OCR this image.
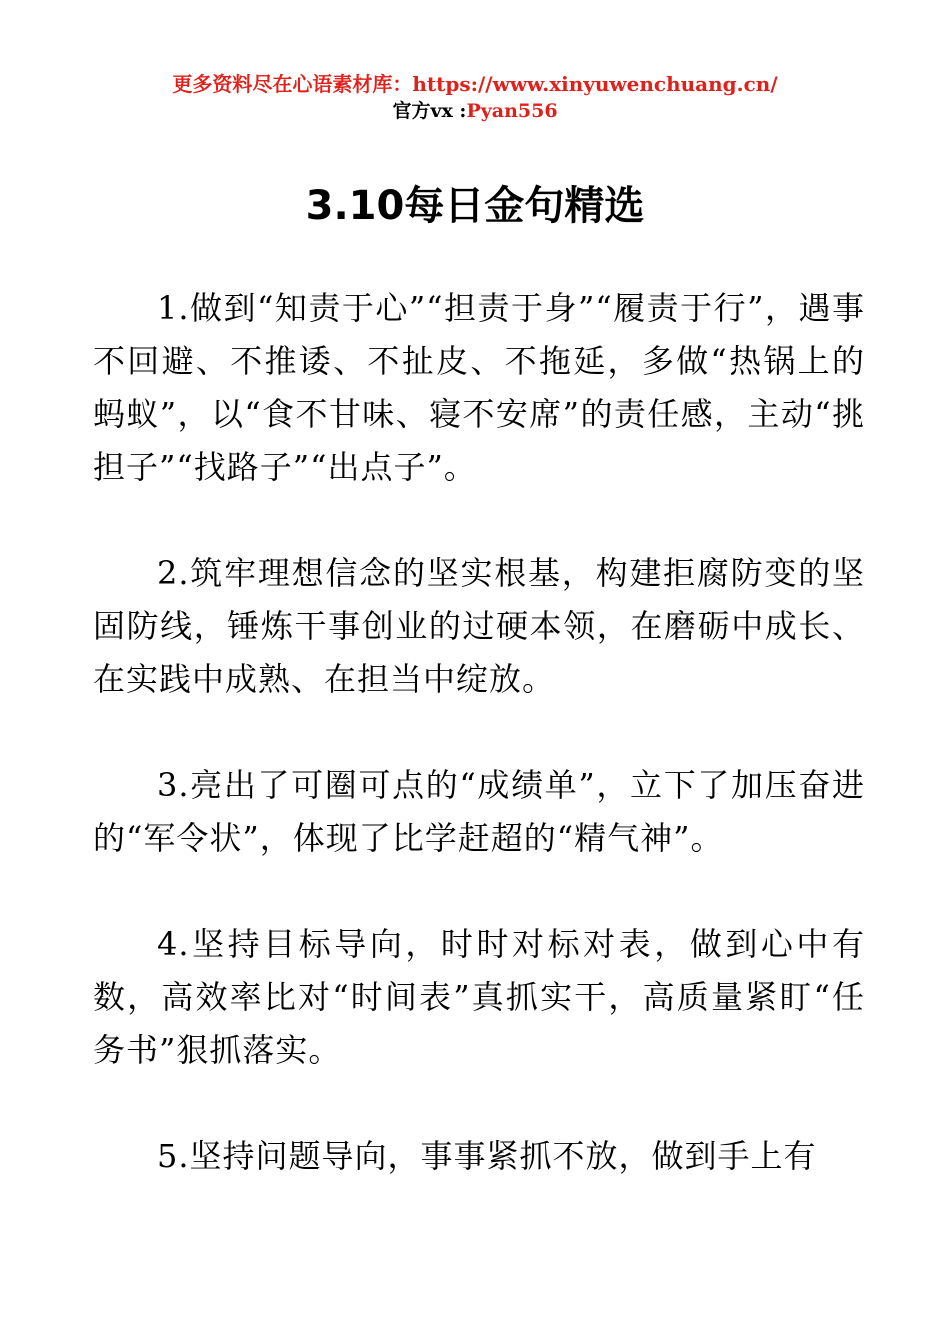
更多资料尽在心语素材库：https://www.xinyuwenchuang.cn/
官方vx :Pyan556
3.10每日金句精选

1.做到“知责于心”“担责于身”“履责于行”，遇事不回避、不推诿、不扯皮、不拖延，多做“热锅上的蚂蚁”，以“食不甘味、寝不安席”的责任感，主动“挑担子”“找路子”“出点子”。

2.筑牢理想信念的坚实根基，构建拒腐防变的坚固防线，锤炼干事创业的过硬本领，在磨砺中成长、在实践中成熟、在担当中绽放。

3.亮出了可圈可点的“成绩单”，立下了加压奋进的“军令状”，体现了比学赶超的“精气神”。

4.坚持目标导向，时时对标对表，做到心中有数，高效率比对“时间表”真抓实干，高质量紧盯“任务书”狠抓落实。

5.坚持问题导向，事事紧抓不放，做到手上有
